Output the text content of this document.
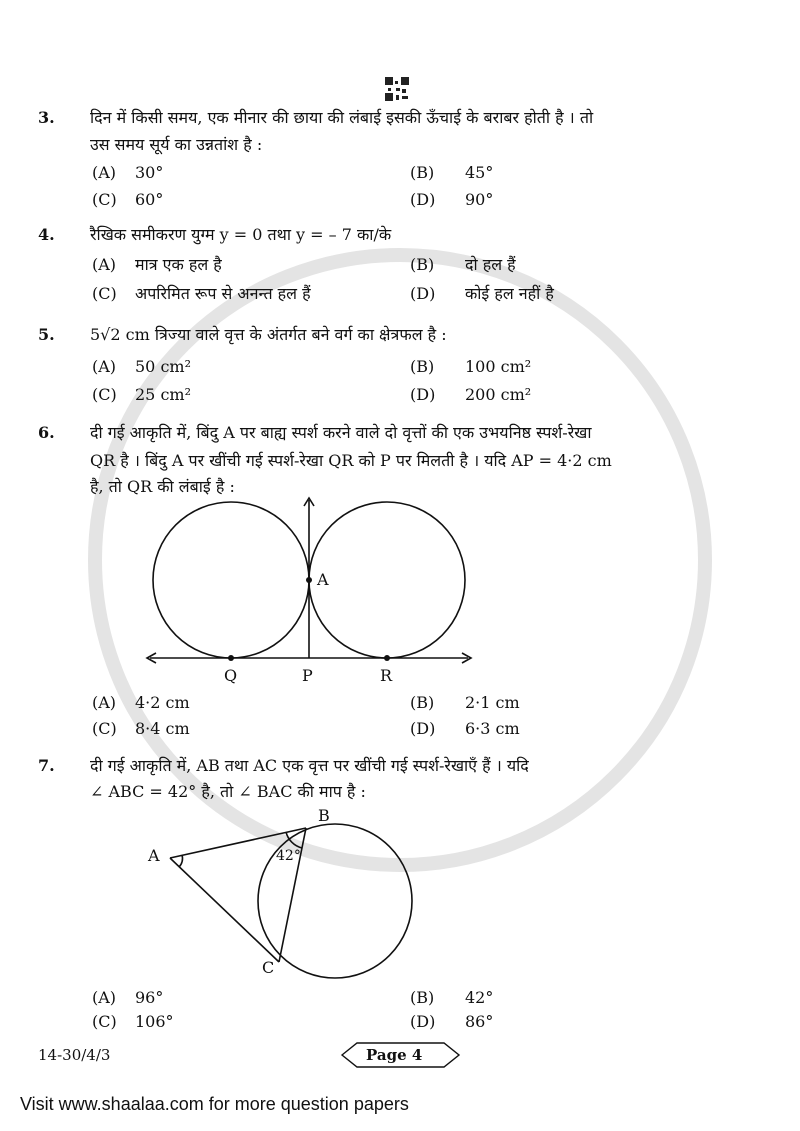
3. दिन में किसी समय, एक मीनार की छाया की लंबाई इसकी ऊँचाई के बराबर होती है । तो
उस समय सूर्य का उन्नतांश है :
(A) 30°	(B) 45°
(C) 60°	(D) 90°
4. रैखिक समीकरण युग्म y = 0 तथा y = – 7 का/के
(A) मात्र एक हल है	(B) दो हल हैं
(C) अपरिमित रूप से अनन्त हल हैं	(D) कोई हल नहीं है
5. 5√2 cm त्रिज्या वाले वृत्त के अंतर्गत बने वर्ग का क्षेत्रफल है :
(A) 50 cm²	(B) 100 cm²
(C) 25 cm²	(D) 200 cm²
6. दी गई आकृति में, बिंदु A पर बाह्य स्पर्श करने वाले दो वृत्तों की एक उभयनिष्ठ स्पर्श-रेखा
QR है । बिंदु A पर खींची गई स्पर्श-रेखा QR को P पर मिलती है । यदि AP = 4·2 cm
है, तो QR की लंबाई है :
A
Q	P	R
(A) 4·2 cm	(B) 2·1 cm
(C) 8·4 cm	(D) 6·3 cm
7. दी गई आकृति में, AB तथा AC एक वृत्त पर खींची गई स्पर्श-रेखाएँ हैं । यदि
∠ ABC = 42° है, तो ∠ BAC की माप है :
A
B
C
42°
(A) 96°	(B) 42°
(C) 106°	(D) 86°
14-30/4/3	Page 4
Visit www.shaalaa.com for more question papers
